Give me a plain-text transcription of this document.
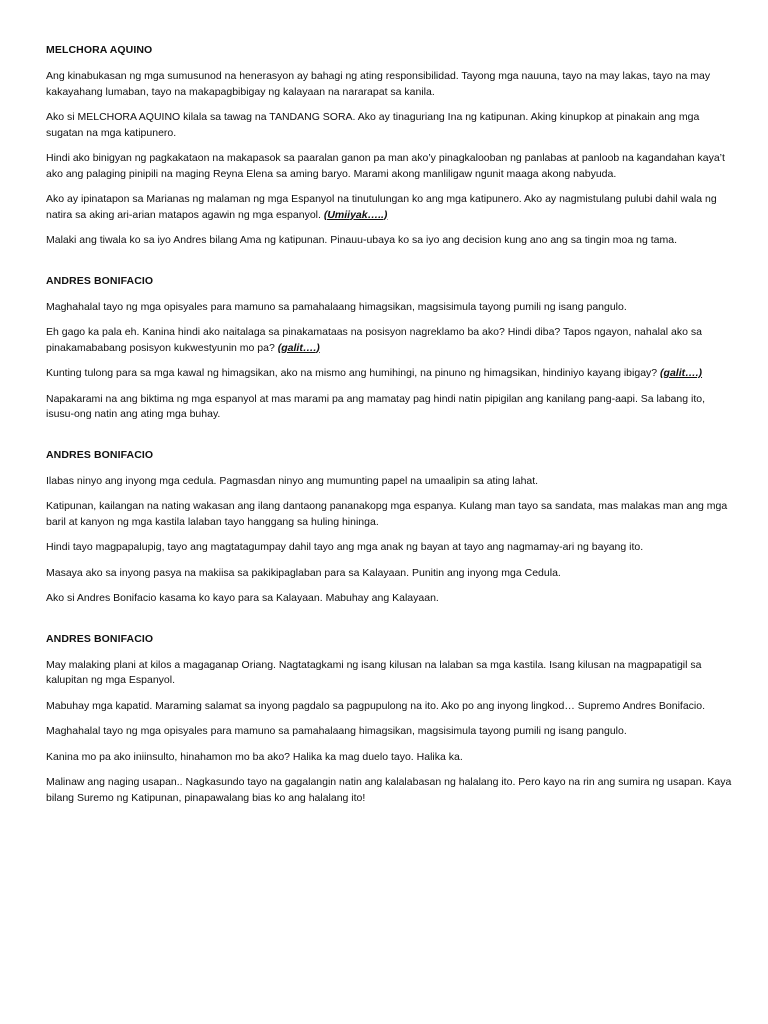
MELCHORA AQUINO

Ang kinabukasan ng mga sumusunod na henerasyon ay bahagi ng ating responsibilidad. Tayong mga nauuna, tayo na may lakas, tayo na may kakayahang lumaban, tayo na makapagbibigay ng kalayaan na nararapat sa kanila.

Ako si MELCHORA AQUINO kilala sa tawag na TANDANG SORA. Ako ay tinaguriang Ina ng katipunan. Aking kinupkop at pinakain ang mga sugatan na mga katipunero.

Hindi ako binigyan ng pagkakataon na makapasok sa paaralan ganon pa man ako’y pinagkalooban ng panlabas at panloob na kagandahan kaya’t ako ang palaging pinipili na maging Reyna Elena sa aming baryo. Marami akong manliligaw ngunit maaga akong nabyuda.

Ako ay ipinatapon sa Marianas ng malaman ng mga Espanyol na tinutulungan ko ang mga katipunero. Ako ay nagmistulang pulubi dahil wala ng natira sa aking ari-arian matapos agawin ng mga espanyol. (Umiiyak…..)

Malaki ang tiwala ko sa iyo Andres bilang Ama ng katipunan. Pinauu-ubaya ko sa iyo ang decision kung ano ang sa tingin moa ng tama.

ANDRES BONIFACIO

Maghahalal tayo ng mga opisyales para mamuno sa pamahalaang himagsikan, magsisimula tayong pumili ng isang pangulo.

Eh gago ka pala eh. Kanina hindi ako naitalaga sa pinakamataas na posisyon nagreklamo ba ako? Hindi diba? Tapos ngayon, nahalal ako sa pinakamababang posisyon kukwestyunin mo pa? (galit….)

Kunting tulong para sa mga kawal ng himagsikan, ako na mismo ang humihingi, na pinuno ng himagsikan, hindiniyo kayang ibigay? (galit….)

Napakarami na ang biktima ng mga espanyol at mas marami pa ang mamatay pag hindi natin pipigilan ang kanilang pang-aapi. Sa labang ito, isusu-ong natin ang ating mga buhay.

ANDRES BONIFACIO

Ilabas ninyo ang inyong mga cedula. Pagmasdan ninyo ang mumunting papel na umaalipin sa ating lahat.

Katipunan, kailangan na nating wakasan ang ilang dantaong pananakopg mga espanya. Kulang man tayo sa sandata, mas malakas man ang mga baril at kanyon ng mga kastila lalaban tayo hanggang sa huling hininga.

Hindi tayo magpapalupig, tayo ang magtatagumpay dahil tayo ang mga anak ng bayan at tayo ang nagmamay-ari ng bayang ito.

Masaya ako sa inyong pasya na makiisa sa pakikipaglaban para sa Kalayaan. Punitin ang inyong mga Cedula.

Ako si Andres Bonifacio kasama ko kayo para sa Kalayaan. Mabuhay ang Kalayaan.

ANDRES BONIFACIO

May malaking plani at kilos a magaganap Oriang. Nagtatagkami ng isang kilusan na lalaban sa mga kastila. Isang kilusan na magpapatigil sa kalupitan ng mga Espanyol.

Mabuhay mga kapatid. Maraming salamat sa inyong pagdalo sa pagpupulong na ito. Ako po ang inyong lingkod… Supremo Andres Bonifacio.

Maghahalal tayo ng mga opisyales para mamuno sa pamahalaang himagsikan, magsisimula tayong pumili ng isang pangulo.

Kanina mo pa ako iniinsulto, hinahamon mo ba ako? Halika ka mag duelo tayo. Halika ka.

Malinaw ang naging usapan.. Nagkasundo tayo na gagalangin natin ang kalalabasan ng halalang ito. Pero kayo na rin ang sumira ng usapan. Kaya bilang Suremo ng Katipunan, pinapawalang bias ko ang halalang ito!
